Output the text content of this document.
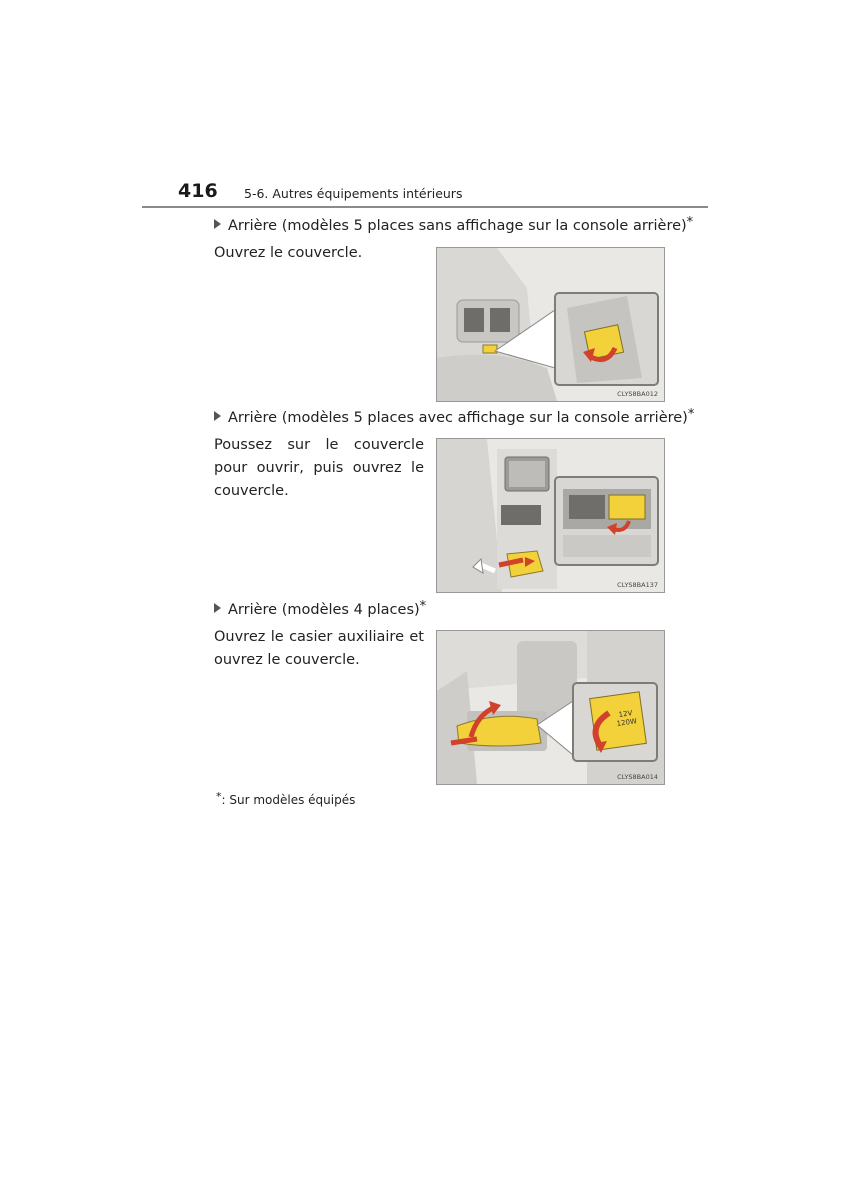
416 5-6. Autres équipements intérieurs
Arrière (modèles 5 places sans affichage sur la console arrière)*
Ouvrez le couvercle.
CLYS8BA012
Arrière (modèles 5 places avec affichage sur la console arrière)*
Poussez sur le couvercle pour ouvrir, puis ouvrez le couvercle.
CLYS8BA137
Arrière (modèles 4 places)*
Ouvrez le casier auxiliaire et ouvrez le couvercle.
12V
120W
CLYS8BA014
*: Sur modèles équipés
